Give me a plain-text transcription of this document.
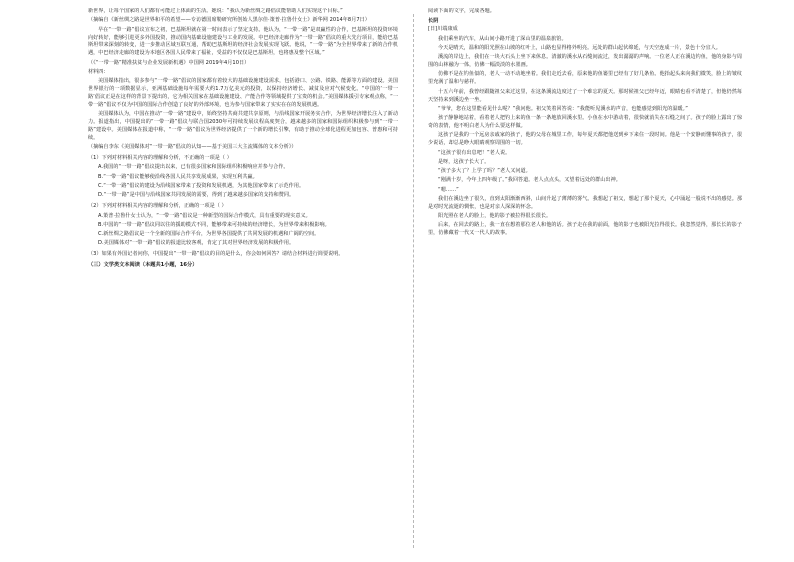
新世界，让每个国家的人们都有可能过上体面的生活。她说：“我认为新丝绸之路倡议能帮助人们实现这个目标。”

（摘编自《新丝绸之路是世界和平的希望——专访德国席勒研究所创始人黑尔佳·策普·拉鲁什女士》新华网 2014年8月7日）

早在“一带一路”倡议宣布之初，巴基斯坦就在第一时间表示了坚定支持。他认为，“一带一路”是双赢性的合作，巴基斯坦的投资环境向好转好，能够引进更多外国投资，推动国内基础设施建设与工业的发展。中巴经济走廊作为“一带一路”倡议的重大先行项目，能给巴基斯坦带来深刻的转变，进一步推动区域互联互通，帮助巴基斯坦的经济社会发展实现飞跃。他说，“一带一路”为全世界带来了新的合作机遇，中巴经济走廊的建设为本地区各国人民带来了福祉，受益的不仅仅是巴基斯坦，也将惠及整个区域。”

（《“一带一路”精准扶贫与企业发展新机遇》中国网 2019年4月10日）

材料四：

美国媒体指出，很多参与“一带一路”倡议的国家都有着较大的基础设施建设需求，包括港口、公路、铁路、能源等方面的建设。美国世界银行的一项数据显示，亚洲基础设施每年需要大约1.7万亿美元的投资，以保持经济增长、减贫及应对气候变化。“中国的‘一带一路’倡议正是在这样的背景下提出的，它为相关国家在基础设施建设、产能合作等领域提供了宝贵的机会。”美国媒体援引专家观点称，“一带一路”倡议不仅为中国的国际合作创造了良好的外部环境，也为参与国家带来了实实在在的发展机遇。

美国媒体认为，中国在推动“一带一路”建设中，始终坚持共商共建共享原则，与沿线国家开展务实合作，为世界经济增长注入了新动力。报道指出，中国提出的“一带一路”倡议与联合国2030年可持续发展议程高度契合，越来越多的国家和国际组织积极参与到“一带一路”建设中。美国媒体在报道中称，“一带一路”倡议为世界经济提供了一个新的增长引擎，有助于推动全球化进程更加包容、普惠和可持续。

（摘编自李东《美国媒体对“一带一路”倡议的认知——基于美国三大主流媒体的文本分析》）

（1）下列对材料相关内容的理解和分析，不正确的一项是（ ）

A.我国的“一带一路”倡议提出以来，已有很多国家和国际组织积极响应并参与合作。

B.“一带一路”倡议能够使沿线各国人民共享发展成果，实现互利共赢。

C.“一带一路”倡议的建设为沿线国家带来了投资和发展机遇，为其他国家带来了示范作用。

D.“一带一路”是中国与沿线国家共同发展的需要，得到了越来越多国家的支持和赞同。

（2）下列对材料相关内容的理解和分析，正确的一项是（ ）

A.策普·拉鲁什女士认为，“一带一路”倡议是一种新型的国际合作模式，具有重要的现实意义。

B.中国的“一带一路”倡议同以往的援助模式不同，能够带来可持续的经济增长，为世界带来积极影响。

C.新丝绸之路倡议是一个全新的国际合作平台，为世界各国提供了共同发展的机遇和广阔的空间。

D.美国媒体对“一带一路”倡议的报道比较客观，肯定了其对世界经济发展的积极作用。

（3）如果有外国记者问你，中国提出“一带一路”倡议的目的是什么，你会如何回答？请结合材料进行简要说明。

（三）文学类文本阅读（本题共1小题，16分）

阅读下面的文字，完成各题。

长阴

[日]川端康成

我们乘坐的汽车，从山间小路开进了深山里的温泉旅馆。

今天是晴天，温和的阳光照在山坡的红叶上，山路也显得格外明亮。远处的群山起伏绵延，与天空连成一片，景色十分宜人。

溪流的岸边上，我们在一块大石头上坐下来休息。清澈的溪水从石缝间流过，发出潺潺的声响。一位老人正在溪边钓鱼，他的身影与周围的山林融为一体，仿佛一幅淡淡的水墨画。

仿佛不是在钓鱼似的，老人一动不动地坐着。我们走近去看，原来他的鱼篓里已经有了好几条鱼。他抬起头来向我们微笑，脸上的皱纹里充满了温和与慈祥。

十五六年前，我曾经跟随祖父来过这里，在这条溪流边度过了一个难忘的夏天。那时候祖父已经年迈，眼睛也看不清楚了，但他仍然每天坚持来到溪边坐一坐。

“爷爷，您在这里能看见什么呢？”我问他。祖父笑着回答说：“我能听见溪水的声音，也能感觉到阳光的温暖。”

孩子静静地站着，看着老人把钓上来的鱼一条一条地放回溪水里。小鱼在水中游动着，很快就消失在石缝之间了。孩子的脸上露出了惊奇的表情，他不明白老人为什么要这样做。

这孩子是我的一个远房亲戚家的孩子，他的父母在城里工作，每年夏天都把他送到乡下来住一段时间。他是一个安静而懂事的孩子，很少说话，却总是睁大眼睛观察周围的一切。

“这孩子很有出息吧！”老人说。

是呀，这孩子长大了。

“孩子多大了？上学了吗？”老人又问道。

“刚满十岁，今年上四年级了。”我回答道。老人点点头，又望着远处的群山出神。

“嗯……”

我们在溪边坐了很久，直到太阳渐渐西斜，山间升起了薄薄的雾气。我想起了祖父，想起了那个夏天，心中涌起一股说不出的感觉。那是对时光流逝的惆怅，也是对亲人深深的怀念。

阳光照在老人的脸上，他的影子被拉得很长很长。

后来，在回去的路上，我一直在想着那位老人和他的话。孩子走在我的前面，他的影子也被阳光拉得很长。我忽然觉得，那长长的影子里，仿佛藏着一代又一代人的故事。
